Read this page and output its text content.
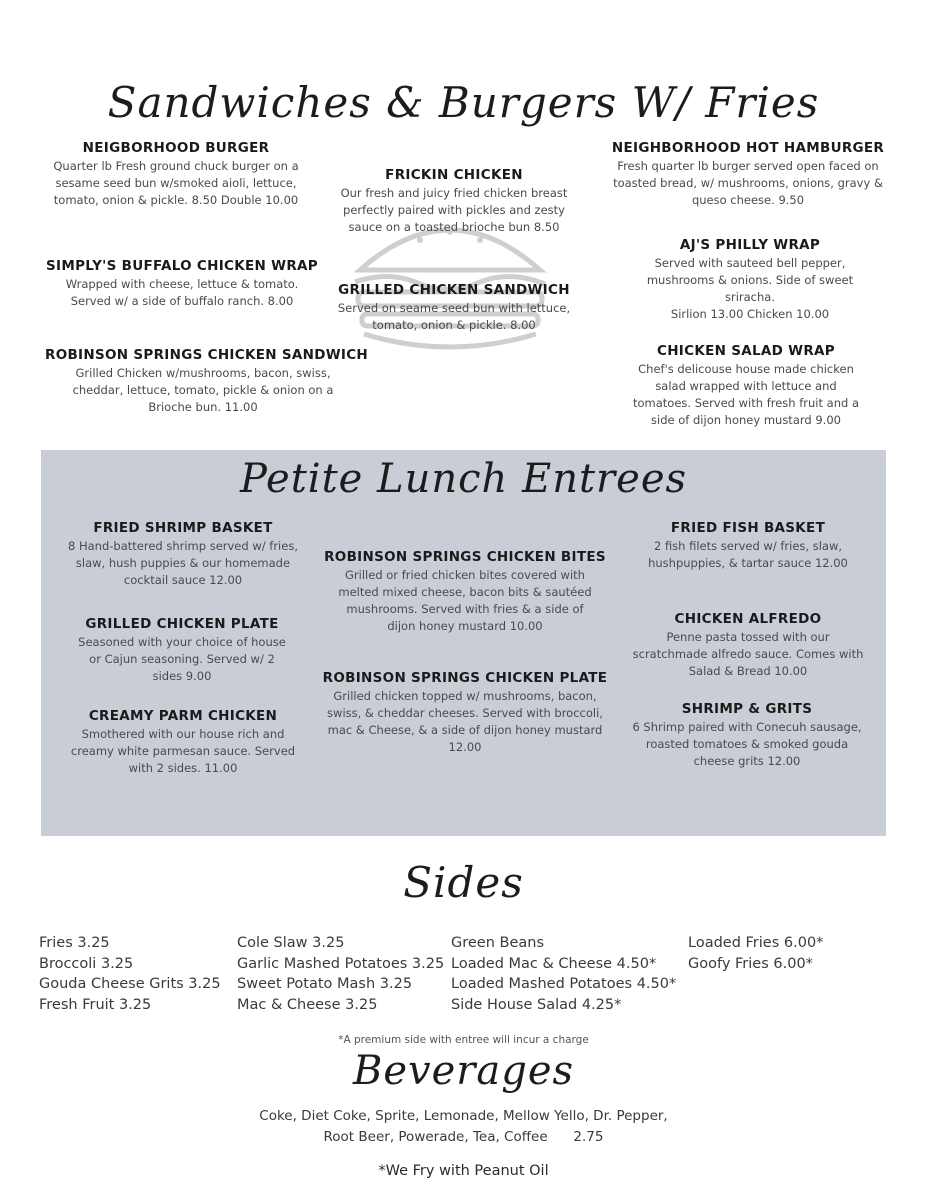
Sandwiches & Burgers W/ Fries
NEIGBORHOOD BURGER

Quarter lb Fresh ground chuck burger on a sesame seed bun w/smoked aioli, lettuce, tomato, onion & pickle. 8.50 Double 10.00

FRICKIN CHICKEN

Our fresh and juicy fried chicken breast perfectly paired with pickles and zesty sauce on a toasted brioche bun 8.50

NEIGHBORHOOD HOT HAMBURGER

Fresh quarter lb burger served open faced on toasted bread, w/ mushrooms, onions, gravy & queso cheese. 9.50

SIMPLY'S BUFFALO CHICKEN WRAP

Wrapped with cheese, lettuce & tomato. Served w/ a side of buffalo ranch. 8.00

GRILLED CHICKEN SANDWICH

Served on seame seed bun with lettuce, tomato, onion & pickle. 8.00

AJ'S PHILLY WRAP

Served with sauteed bell pepper, mushrooms & onions. Side of sweet sriracha.

Sirlion 13.00 Chicken 10.00

ROBINSON SPRINGS CHICKEN SANDWICH

Grilled Chicken w/mushrooms, bacon, swiss, cheddar, lettuce, tomato, pickle & onion on a Brioche bun. 11.00

CHICKEN SALAD WRAP

Chef's delicouse house made chicken salad wrapped with lettuce and tomatoes. Served with fresh fruit and a side of dijon honey mustard 9.00

Petite Lunch Entrees
FRIED SHRIMP BASKET

8 Hand-battered shrimp served w/ fries, slaw, hush puppies & our homemade cocktail sauce 12.00

ROBINSON SPRINGS CHICKEN BITES

Grilled or fried chicken bites covered with melted mixed cheese, bacon bits & sautéed mushrooms. Served with fries & a side of dijon honey mustard 10.00

FRIED FISH BASKET

2 fish filets served w/ fries, slaw, hushpuppies, & tartar sauce 12.00

GRILLED CHICKEN PLATE

Seasoned with your choice of house or Cajun seasoning. Served w/ 2 sides 9.00

CHICKEN ALFREDO

Penne pasta tossed with our scratchmade alfredo sauce. Comes with Salad & Bread 10.00

ROBINSON SPRINGS CHICKEN PLATE

Grilled chicken topped w/ mushrooms, bacon, swiss, & cheddar cheeses. Served with broccoli, mac & Cheese, & a side of dijon honey mustard 12.00

SHRIMP & GRITS

6 Shrimp paired with Conecuh sausage, roasted tomatoes & smoked gouda cheese grits 12.00

CREAMY PARM CHICKEN

Smothered with our house rich and creamy white parmesan sauce. Served with 2 sides. 11.00

Sides
Fries 3.25
Broccoli 3.25
Gouda Cheese Grits 3.25
Fresh Fruit 3.25
Cole Slaw 3.25
Garlic Mashed Potatoes 3.25
Sweet Potato Mash 3.25
Mac & Cheese 3.25
Green Beans
Loaded Mac & Cheese 4.50*
Loaded Mashed Potatoes 4.50*
Side House Salad 4.25*
Loaded Fries 6.00*
Goofy Fries 6.00*
*A premium side with entree will incur a charge
Beverages
Coke, Diet Coke, Sprite, Lemonade, Mellow Yello, Dr. Pepper,
Root Beer, Powerade, Tea, Coffee      2.75
*We Fry with Peanut Oil
